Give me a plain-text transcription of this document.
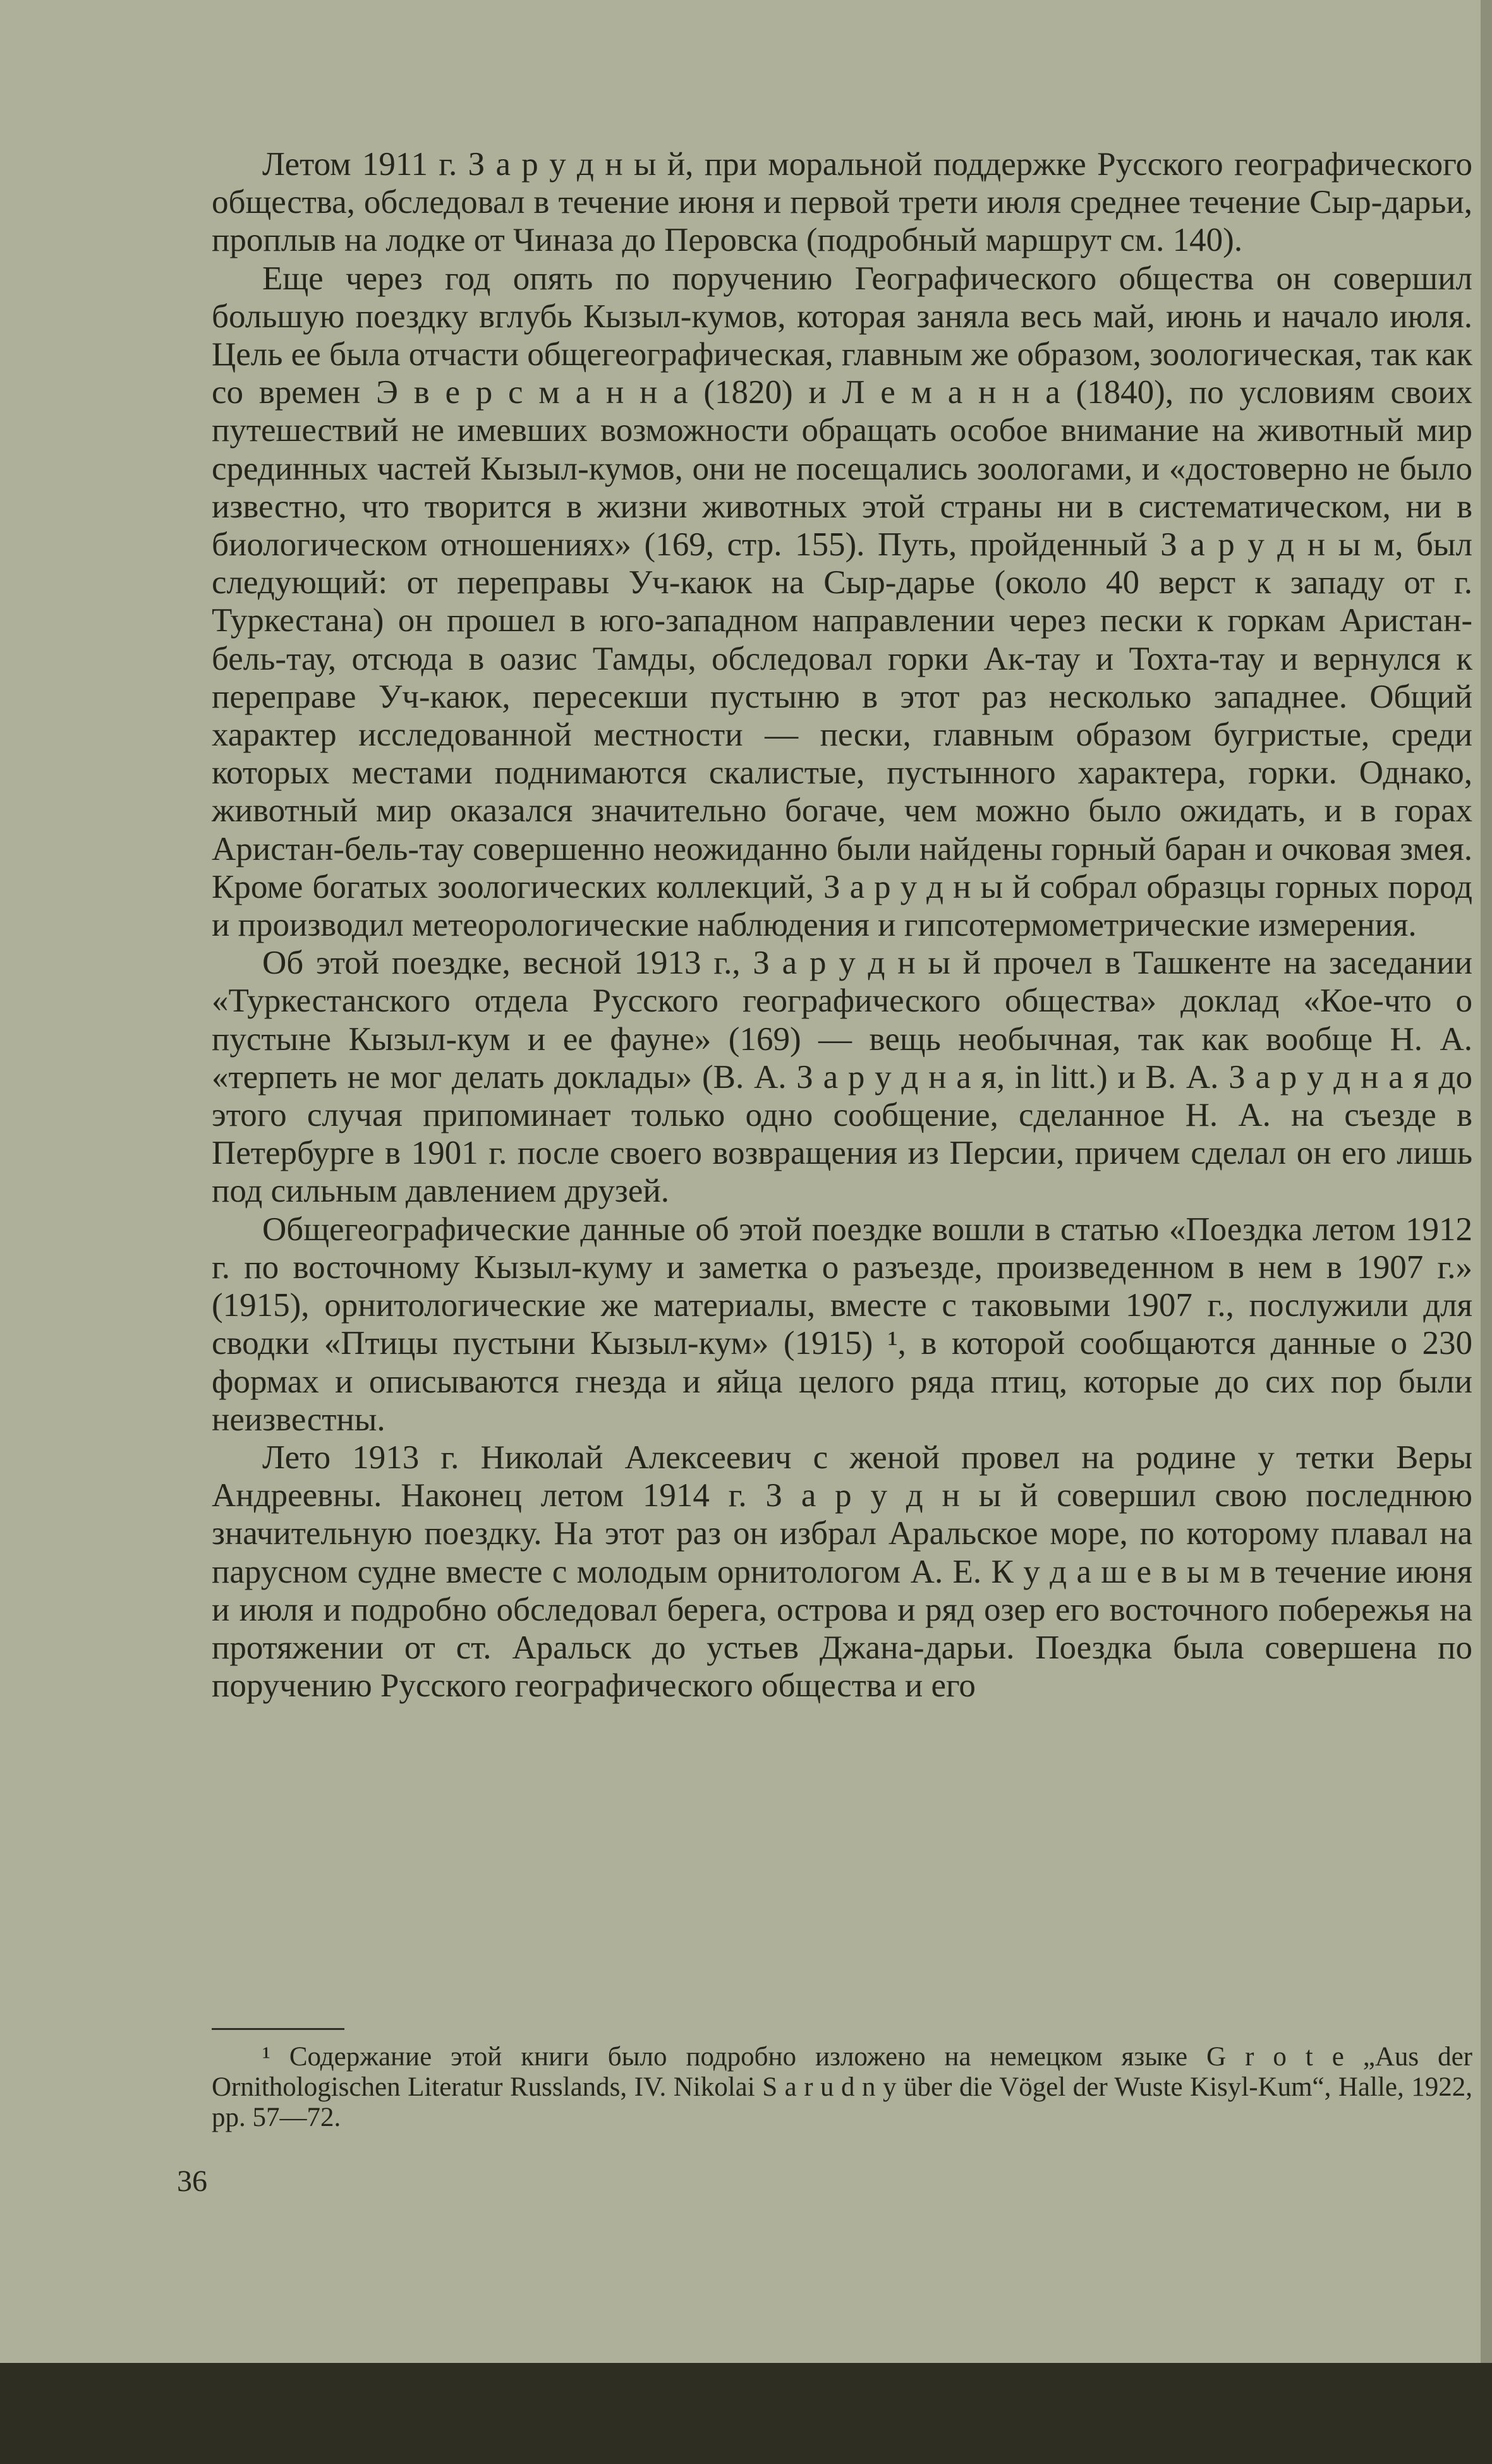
Летом 1911 г. З а р у д н ы й, при моральной поддержке Русского географического общества, обследовал в течение июня и первой трети июля среднее течение Сыр-дарьи, проплыв на лодке от Чиназа до Перовска (подробный маршрут см. 140).

Еще через год опять по поручению Географического общества он совершил большую поездку вглубь Кызыл-кумов, которая заняла весь май, июнь и начало июля. Цель ее была отчасти общегеографическая, главным же образом, зоологическая, так как со времен Э в е р с м а н н а (1820) и Л е м а н н а (1840), по условиям своих путешествий не имевших возможности обращать особое внимание на животный мир срединных частей Кызыл-кумов, они не посещались зоологами, и «достоверно не было известно, что творится в жизни животных этой страны ни в систематическом, ни в биологическом отношениях» (169, стр. 155). Путь, пройденный З а р у д н ы м, был следующий: от переправы Уч-каюк на Сыр-дарье (около 40 верст к западу от г. Туркестана) он прошел в юго-западном направлении через пески к горкам Аристан-бель-тау, отсюда в оазис Тамды, обследовал горки Ак-тау и Тохта-тау и вернулся к переправе Уч-каюк, пересекши пустыню в этот раз несколько западнее. Общий характер исследованной местности — пески, главным образом бугристые, среди которых местами поднимаются скалистые, пустынного характера, горки. Однако, животный мир оказался значительно богаче, чем можно было ожидать, и в горах Аристан-бель-тау совершенно неожиданно были найдены горный баран и очковая змея. Кроме богатых зоологических коллекций, З а р у д н ы й собрал образцы горных пород и производил метеорологические наблюдения и гипсотермометрические измерения.

Об этой поездке, весной 1913 г., З а р у д н ы й прочел в Ташкенте на заседании «Туркестанского отдела Русского географического общества» доклад «Кое-что о пустыне Кызыл-кум и ее фауне» (169) — вещь необычная, так как вообще Н. А. «терпеть не мог делать доклады» (В. А. З а р у д н а я, in litt.) и В. А. З а р у д н а я до этого случая припоминает только одно сообщение, сделанное Н. А. на съезде в Петербурге в 1901 г. после своего возвращения из Персии, причем сделал он его лишь под сильным давлением друзей.

Общегеографические данные об этой поездке вошли в статью «Поездка летом 1912 г. по восточному Кызыл-куму и заметка о разъезде, произведенном в нем в 1907 г.» (1915), орнитологические же материалы, вместе с таковыми 1907 г., послужили для сводки «Птицы пустыни Кызыл-кум» (1915) ¹, в которой сообщаются данные о 230 формах и описываются гнезда и яйца целого ряда птиц, которые до сих пор были неизвестны.

Лето 1913 г. Николай Алексеевич с женой провел на родине у тетки Веры Андреевны. Наконец летом 1914 г. З а р у д н ы й совершил свою последнюю значительную поездку. На этот раз он избрал Аральское море, по которому плавал на парусном судне вместе с молодым орнитологом А. Е. К у д а ш е в ы м в течение июня и июля и подробно обследовал берега, острова и ряд озер его восточного побережья на протяжении от ст. Аральск до устьев Джана-дарьи. Поездка была совершена по поручению Русского географического общества и его

¹ Содержание этой книги было подробно изложено на немецком языке G r o t e „Aus der Ornithologischen Literatur Russlands, IV. Nikolai S a r u d n y über die Vögel der Wuste Kisyl-Kum“, Halle, 1922, pp. 57—72.
36
